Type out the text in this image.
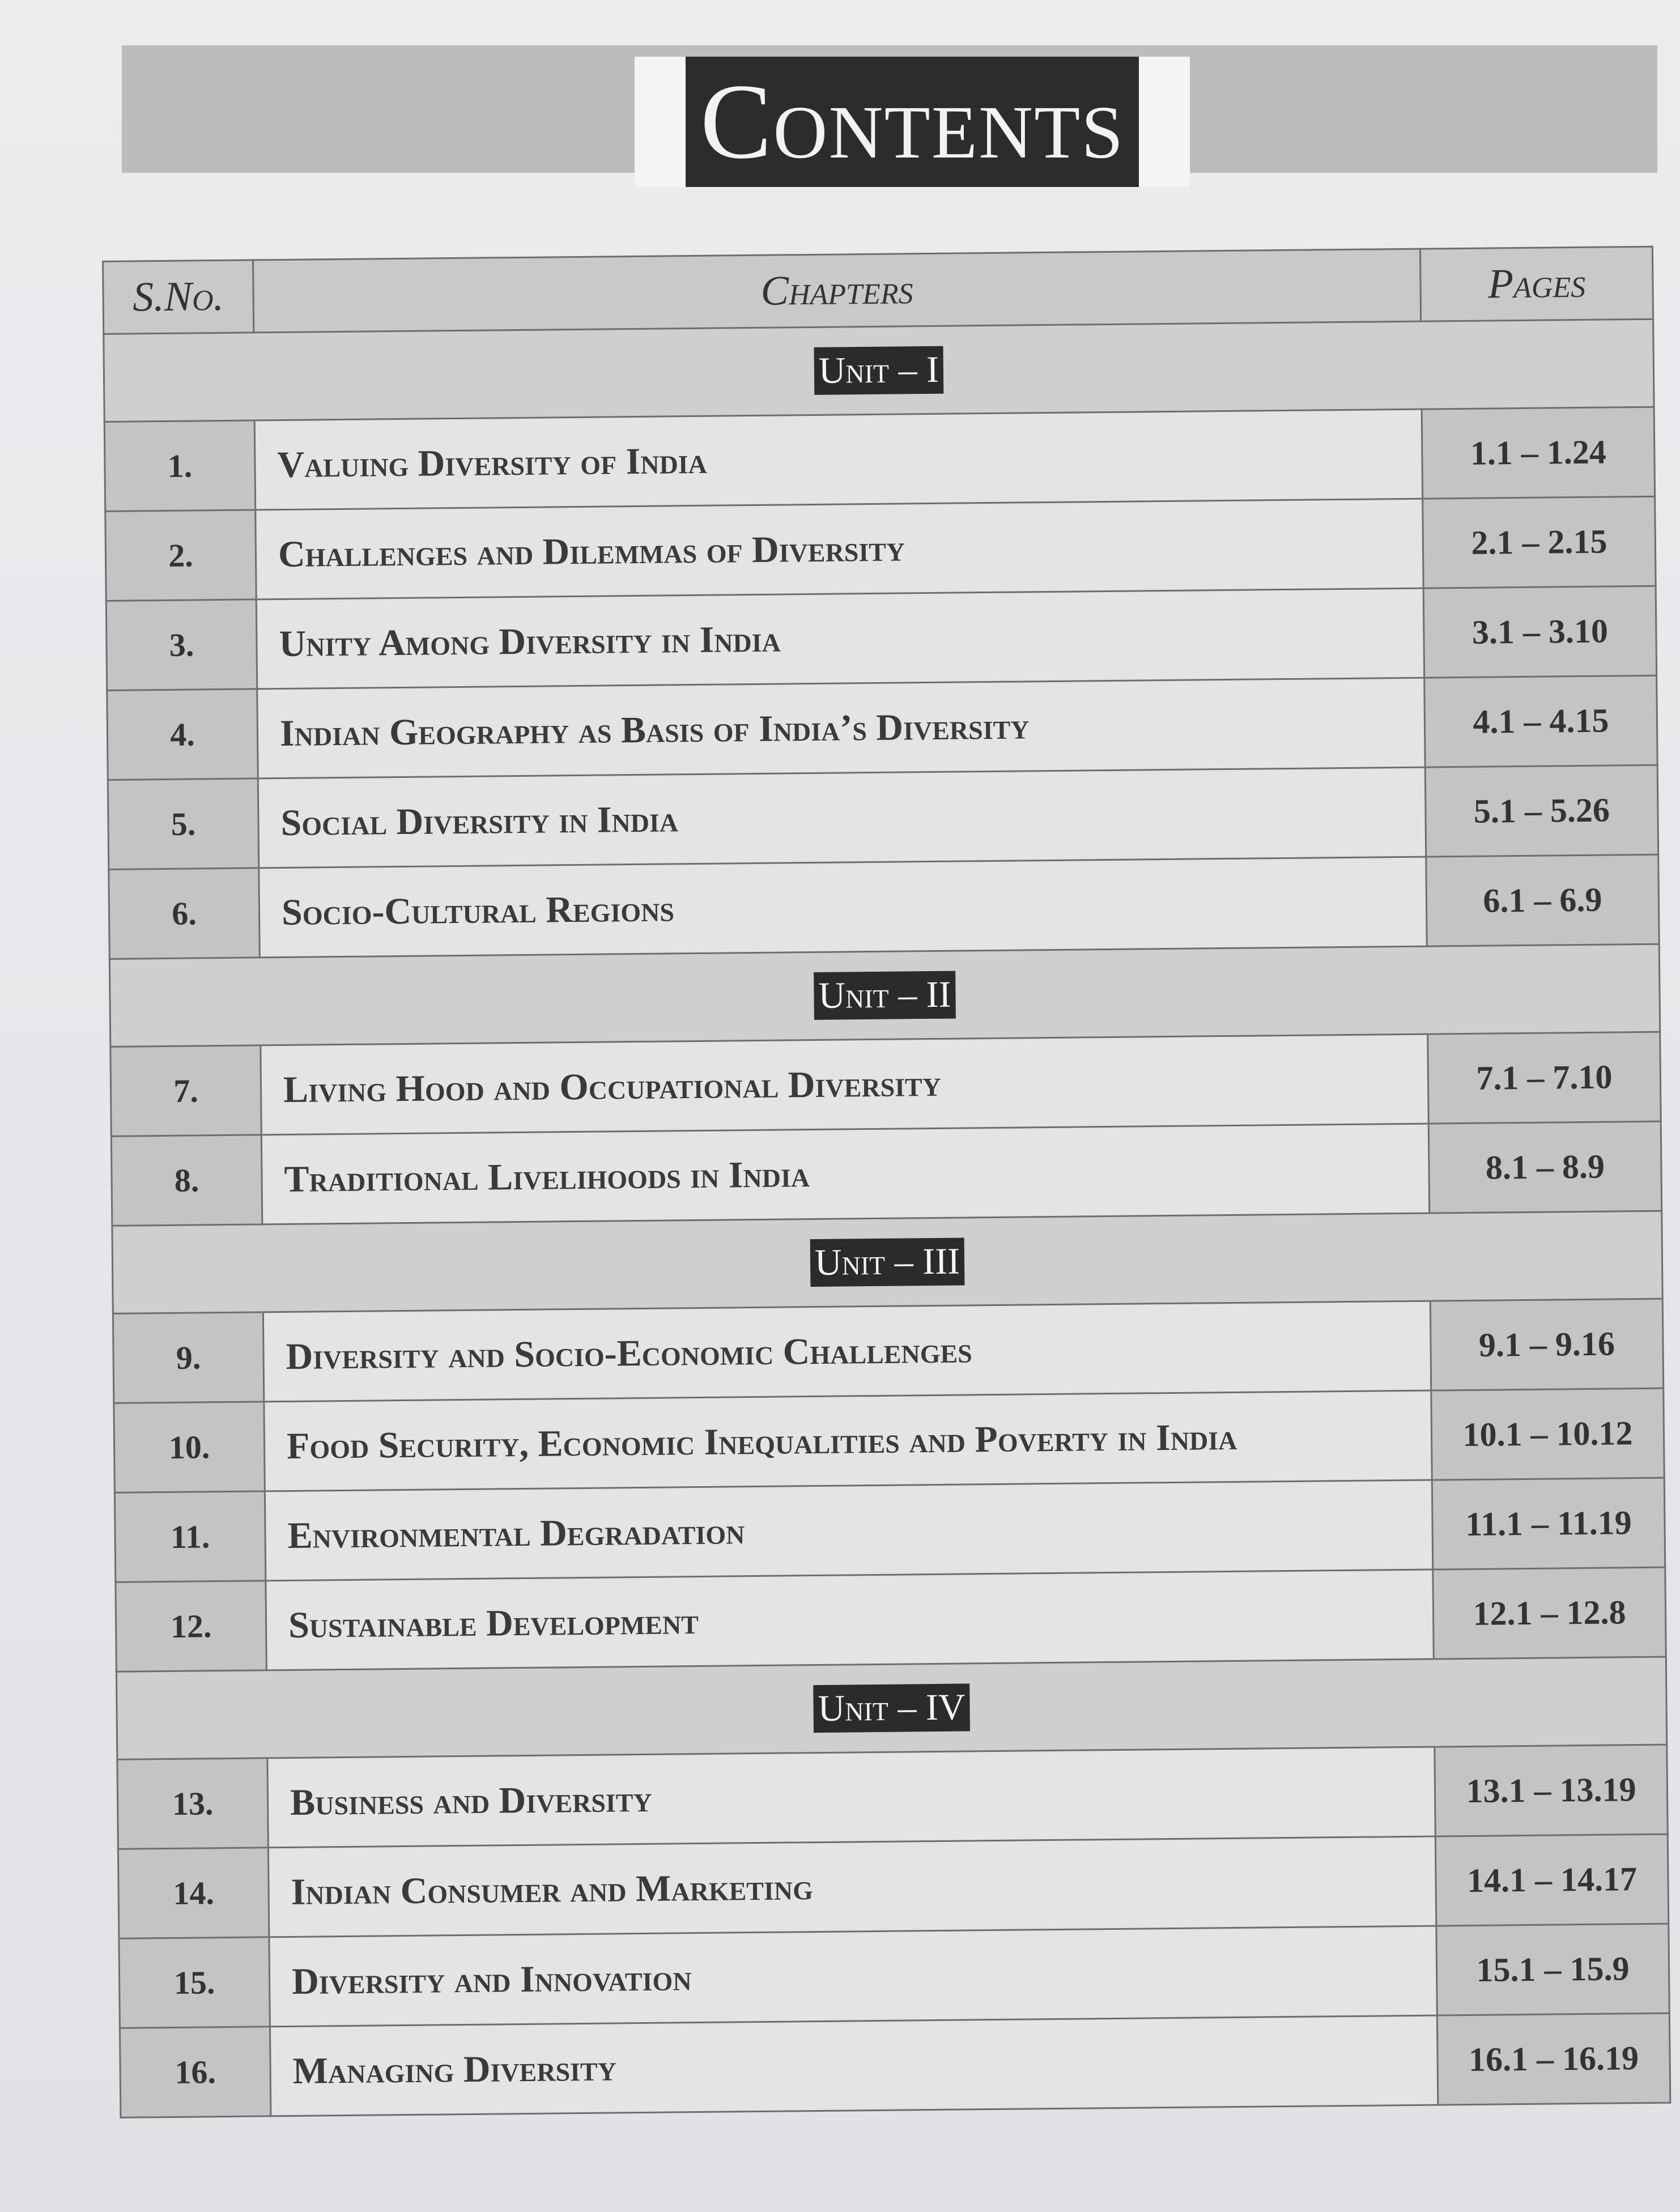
Contents
S.No.	Chapters	Pages
Unit – I		
1.	Valuing Diversity of India	1.1 – 1.24
2.	Challenges and Dilemmas of Diversity	2.1 – 2.15
3.	Unity Among Diversity in India	3.1 – 3.10
4.	Indian Geography as Basis of India’s Diversity	4.1 – 4.15
5.	Social Diversity in India	5.1 – 5.26
6.	Socio-Cultural Regions	6.1 – 6.9
Unit – II		
7.	Living Hood and Occupational Diversity	7.1 – 7.10
8.	Traditional Livelihoods in India	8.1 – 8.9
Unit – III		
9.	Diversity and Socio-Economic Challenges	9.1 – 9.16
10.	Food Security, Economic Inequalities and Poverty in India	10.1 – 10.12
11.	Environmental Degradation	11.1 – 11.19
12.	Sustainable Development	12.1 – 12.8
Unit – IV		
13.	Business and Diversity	13.1 – 13.19
14.	Indian Consumer and Marketing	14.1 – 14.17
15.	Diversity and Innovation	15.1 – 15.9
16.	Managing Diversity	16.1 – 16.19
